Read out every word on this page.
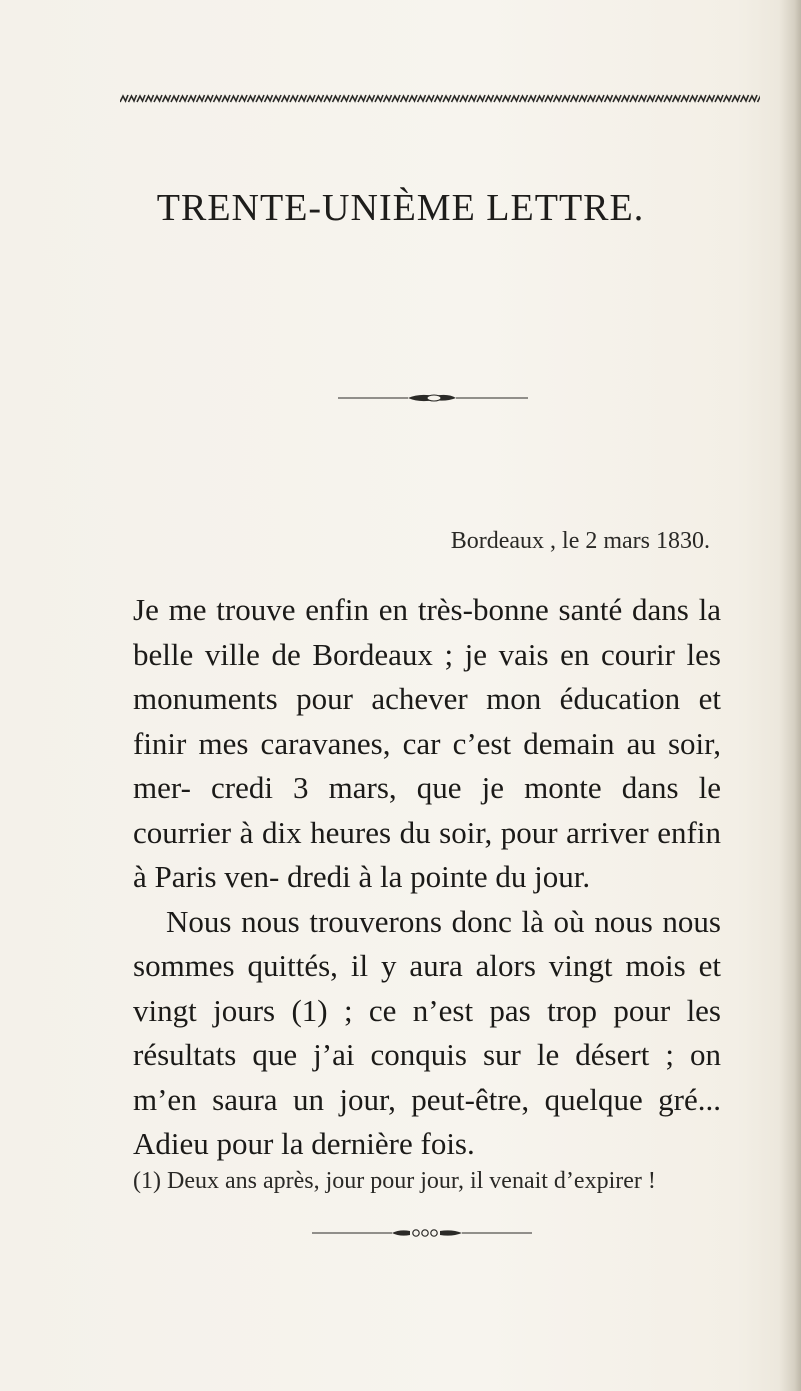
TRENTE-UNIÈME LETTRE.
Bordeaux , le 2 mars 1830.

Je me trouve enfin en très-bonne santé dans la belle ville de Bordeaux ; je vais en courir les monuments pour achever mon éducation et finir mes caravanes, car c’est demain au soir, mer- credi 3 mars, que je monte dans le courrier à dix heures du soir, pour arriver enfin à Paris ven- dredi à la pointe du jour.

Nous nous trouverons donc là où nous nous sommes quittés, il y aura alors vingt mois et vingt jours (1) ; ce n’est pas trop pour les résultats que j’ai conquis sur le désert ; on m’en saura un jour, peut-être, quelque gré... Adieu pour la dernière fois.

(1) Deux ans après, jour pour jour, il venait d’expirer !
